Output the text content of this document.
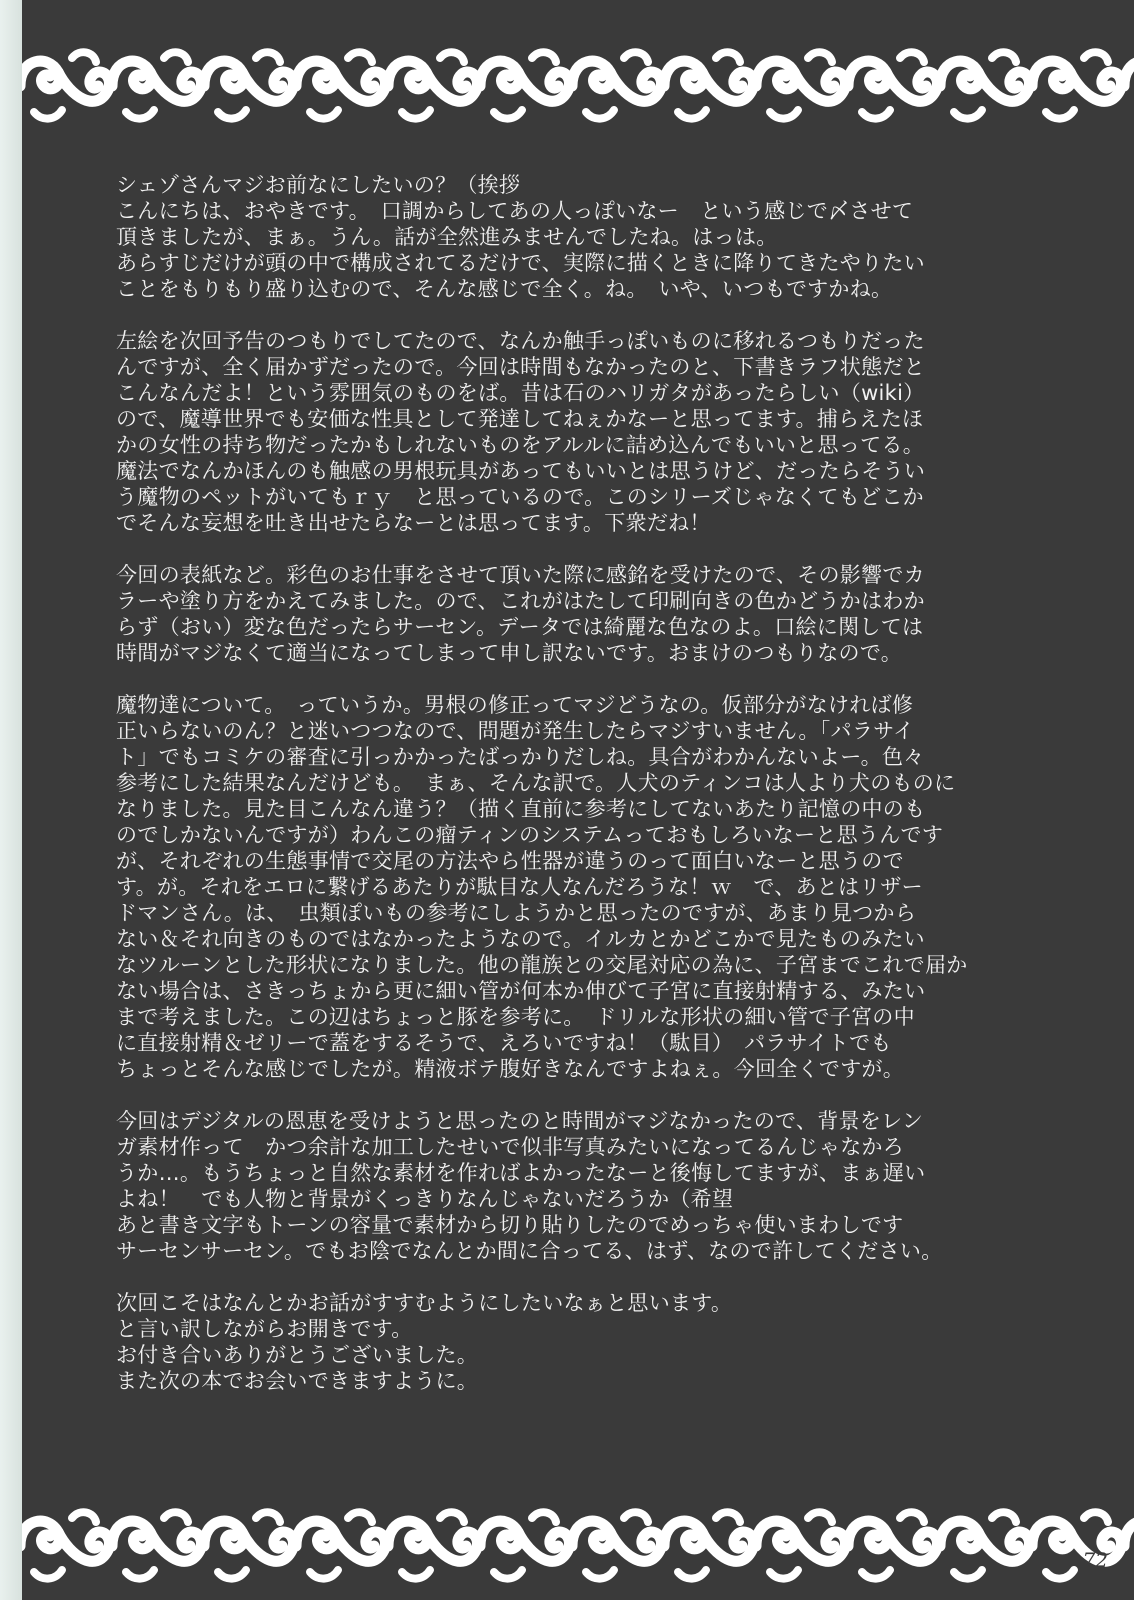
シェゾさんマジお前なにしたいの？（挨拶
こんにちは、おやきです。　口調からしてあの人っぽいなー　という感じで〆させて
頂きましたが、まぁ。うん。話が全然進みませんでしたね。はっは。
あらすじだけが頭の中で構成されてるだけで、実際に描くときに降りてきたやりたい
ことをもりもり盛り込むので、そんな感じで全く。ね。　いや、いつもですかね。

左絵を次回予告のつもりでしてたので、なんか触手っぽいものに移れるつもりだった
んですが、全く届かずだったので。今回は時間もなかったのと、下書きラフ状態だと
こんなんだよ！という雰囲気のものをば。昔は石のハリガタがあったらしい（wiki）
ので、魔導世界でも安価な性具として発達してねぇかなーと思ってます。捕らえたほ
かの女性の持ち物だったかもしれないものをアルルに詰め込んでもいいと思ってる。
魔法でなんかほんのも触感の男根玩具があってもいいとは思うけど、だったらそうい
う魔物のペットがいてもｒｙ　と思っているので。このシリーズじゃなくてもどこか
でそんな妄想を吐き出せたらなーとは思ってます。下衆だね！

今回の表紙など。彩色のお仕事をさせて頂いた際に感銘を受けたので、その影響でカ
ラーや塗り方をかえてみました。ので、これがはたして印刷向きの色かどうかはわか
らず（おい）変な色だったらサーセン。データでは綺麗な色なのよ。口絵に関しては
時間がマジなくて適当になってしまって申し訳ないです。おまけのつもりなので。

魔物達について。　っていうか。男根の修正ってマジどうなの。仮部分がなければ修
正いらないのん？と迷いつつなので、問題が発生したらマジすいません。「パラサイ
ト」でもコミケの審査に引っかかったばっかりだしね。具合がわかんないよー。色々
参考にした結果なんだけども。　まぁ、そんな訳で。人犬のティンコは人より犬のものに
なりました。見た目こんなん違う？（描く直前に参考にしてないあたり記憶の中のも
のでしかないんですが）わんこの瘤ティンのシステムっておもしろいなーと思うんです
が、それぞれの生態事情で交尾の方法やら性器が違うのって面白いなーと思うので
す。が。それをエロに繋げるあたりが駄目な人なんだろうな！ｗ　で、あとはリザー
ドマンさん。は、　虫類ぽいもの参考にしようかと思ったのですが、あまり見つから
ない＆それ向きのものではなかったようなので。イルカとかどこかで見たものみたい
なツルーンとした形状になりました。他の龍族との交尾対応の為に、子宮までこれで届か
ない場合は、さきっちょから更に細い管が何本か伸びて子宮に直接射精する、みたい
まで考えました。この辺はちょっと豚を参考に。　ドリルな形状の細い管で子宮の中
に直接射精＆ゼリーで蓋をするそうで、えろいですね！（駄目）　パラサイトでも
ちょっとそんな感じでしたが。精液ボテ腹好きなんですよねぇ。今回全くですが。

今回はデジタルの恩恵を受けようと思ったのと時間がマジなかったので、背景をレン
ガ素材作って　かつ余計な加工したせいで似非写真みたいになってるんじゃなかろ
うか…。もうちょっと自然な素材を作ればよかったなーと後悔してますが、まぁ遅い
よね！　でも人物と背景がくっきりなんじゃないだろうか（希望
あと書き文字もトーンの容量で素材から切り貼りしたのでめっちゃ使いまわしです
サーセンサーセン。でもお陰でなんとか間に合ってる、はず、なので許してください。

次回こそはなんとかお話がすすむようにしたいなぁと思います。
と言い訳しながらお開きです。
お付き合いありがとうございました。
また次の本でお会いできますように。

72
